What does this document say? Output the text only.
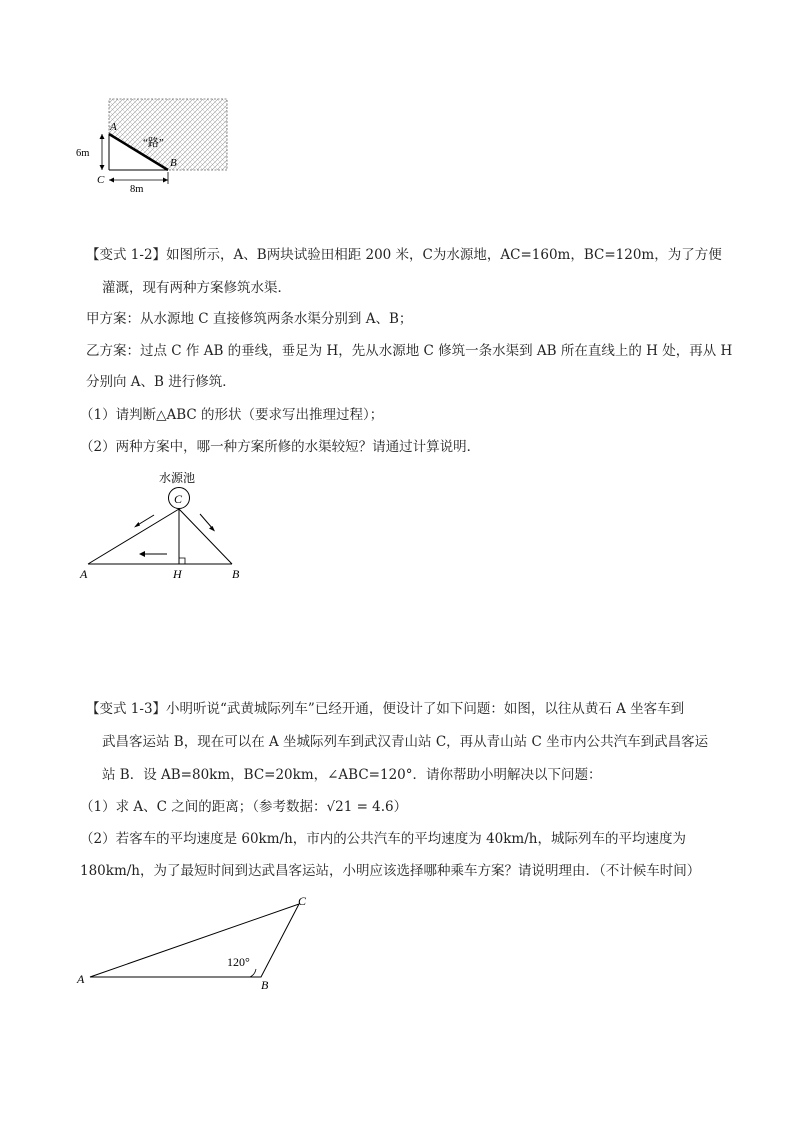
A
B
C
“路”
6m
8m
【变式 1-2】如图所示，A、B两块试验田相距 200 米，C为水源地，AC=160m，BC=120m，为了方便
灌溉，现有两种方案修筑水渠．
甲方案：从水源地 C 直接修筑两条水渠分别到 A、B；
乙方案：过点 C 作 AB 的垂线，垂足为 H，先从水源地 C 修筑一条水渠到 AB 所在直线上的 H 处，再从 H
分别向 A、B 进行修筑．
（1）请判断△ABC 的形状（要求写出推理过程）；
（2）两种方案中，哪一种方案所修的水渠较短？请通过计算说明．
水源池
C
A	H	B
【变式 1-3】小明听说“武黄城际列车”已经开通，便设计了如下问题：如图，以往从黄石 A 坐客车到
武昌客运站 B，现在可以在 A 坐城际列车到武汉青山站 C，再从青山站 C 坐市内公共汽车到武昌客运
站 B．设 AB=80km，BC=20km，∠ABC=120°．请你帮助小明解决以下问题：
（1）求 A、C 之间的距离；（参考数据：√21 = 4.6）
（2）若客车的平均速度是 60km/h，市内的公共汽车的平均速度为 40km/h，城际列车的平均速度为
180km/h，为了最短时间到达武昌客运站，小明应该选择哪种乘车方案？请说明理由．（不计候车时间）
A	B
C
120°
